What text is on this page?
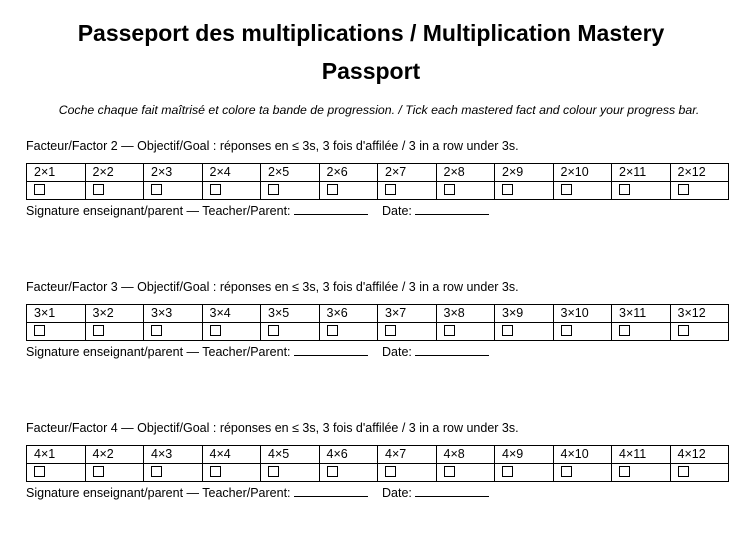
Passeport des multiplications / Multiplication Mastery
Passport
Coche chaque fait maîtrisé et colore ta bande de progression. / Tick each mastered fact and colour your progress bar.
Facteur/Factor 2 — Objectif/Goal : réponses en ≤ 3s, 3 fois d'affilée / 3 in a row under 3s.
2×1	2×2	2×3	2×4	2×5	2×6	2×7	2×8	2×9	2×10	2×11	2×12

Signature enseignant/parent — Teacher/Parent:	Date:
Facteur/Factor 3 — Objectif/Goal : réponses en ≤ 3s, 3 fois d'affilée / 3 in a row under 3s.
3×1	3×2	3×3	3×4	3×5	3×6	3×7	3×8	3×9	3×10	3×11	3×12

Signature enseignant/parent — Teacher/Parent:	Date:
Facteur/Factor 4 — Objectif/Goal : réponses en ≤ 3s, 3 fois d'affilée / 3 in a row under 3s.
4×1	4×2	4×3	4×4	4×5	4×6	4×7	4×8	4×9	4×10	4×11	4×12

Signature enseignant/parent — Teacher/Parent:	Date:
